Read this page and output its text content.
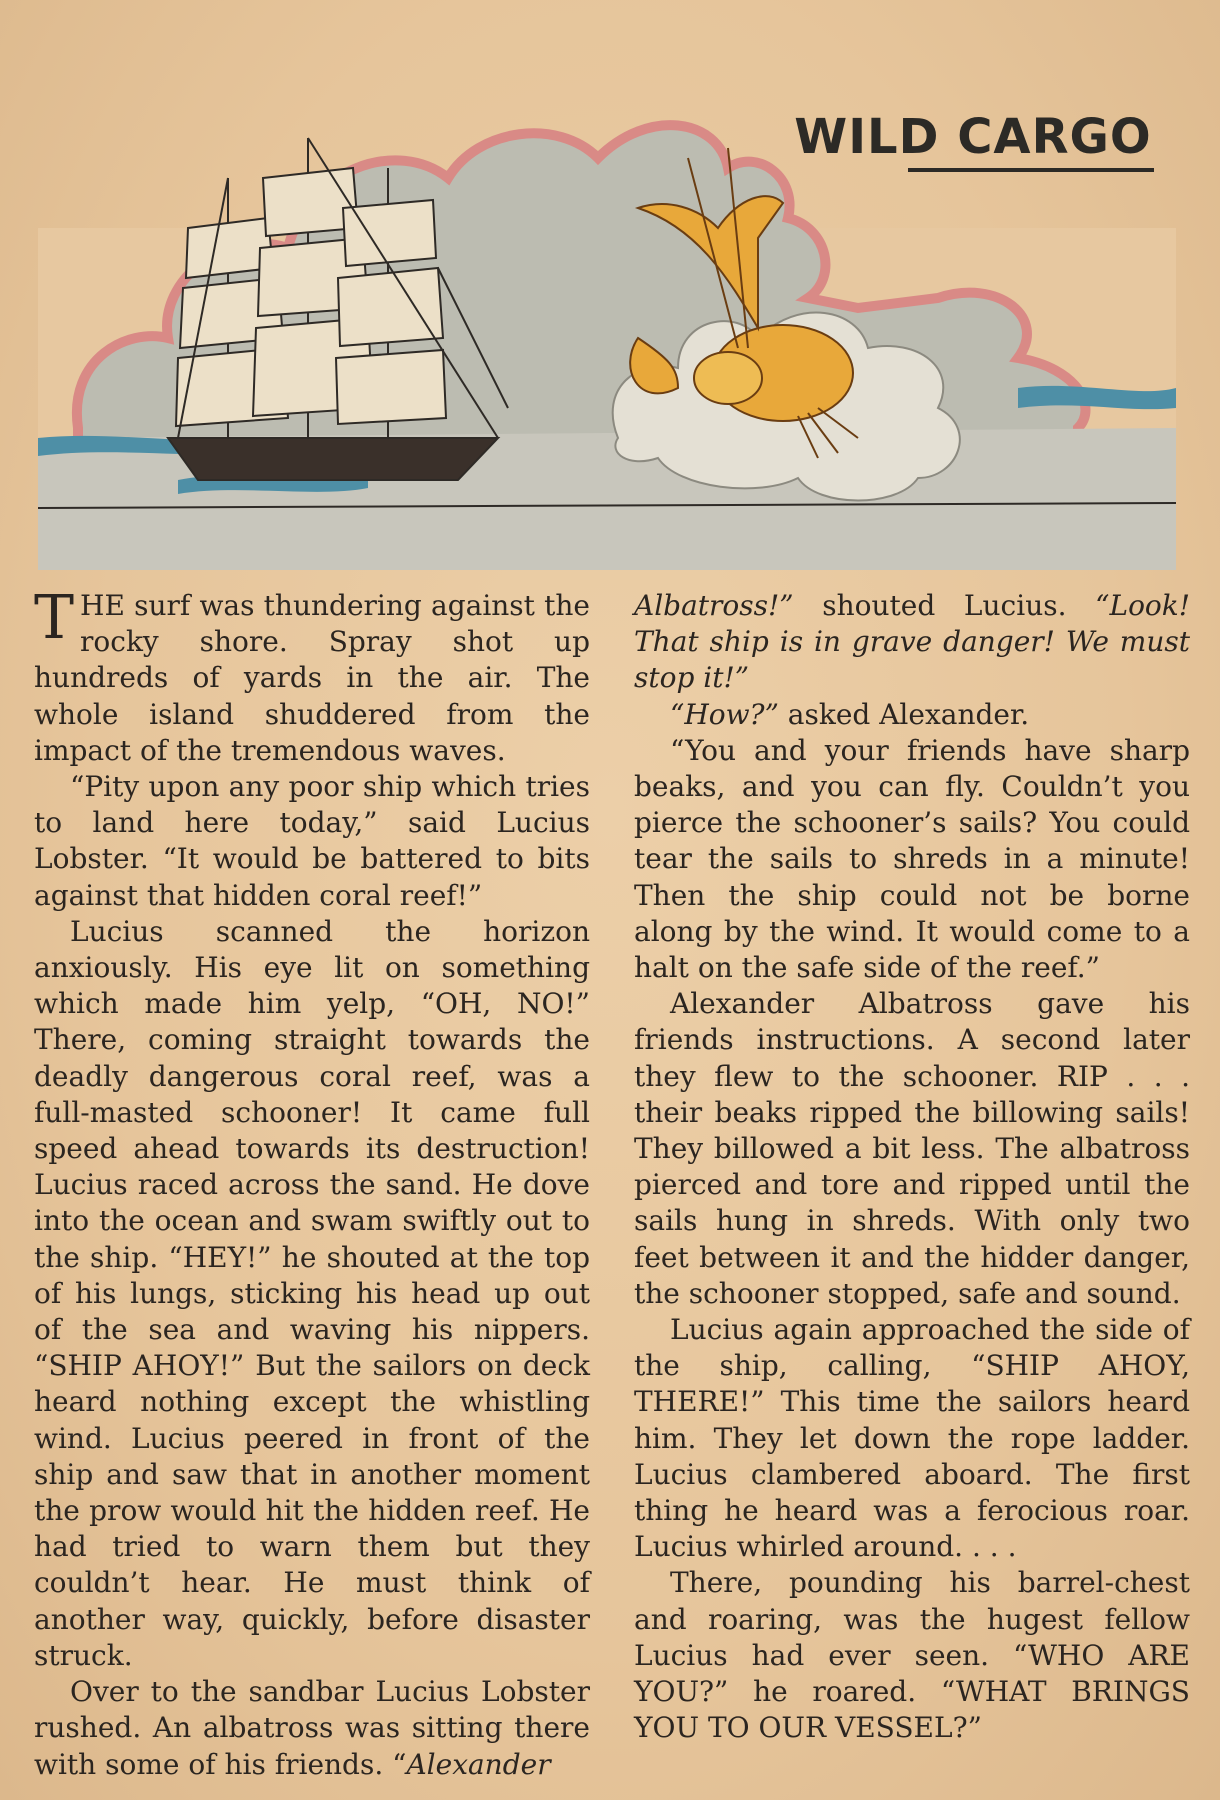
WILD CARGO

THE surf was thundering against the rocky shore. Spray shot up hundreds of yards in the air. The whole island shuddered from the impact of the tremendous waves.

“Pity upon any poor ship which tries to land here today,” said Lucius Lobster. “It would be battered to bits against that hidden coral reef!”

Lucius scanned the horizon anxiously. His eye lit on something which made him yelp, “OH, NO!” There, coming straight towards the deadly dangerous coral reef, was a full-masted schooner! It came full speed ahead towards its destruction! Lucius raced across the sand. He dove into the ocean and swam swiftly out to the ship. “HEY!” he shouted at the top of his lungs, sticking his head up out of the sea and waving his nippers. “SHIP AHOY!” But the sailors on deck heard nothing except the whistling wind. Lucius peered in front of the ship and saw that in another moment the prow would hit the hidden reef. He had tried to warn them but they couldn’t hear. He must think of another way, quickly, before disaster struck.

Over to the sandbar Lucius Lobster rushed. An albatross was sitting there with some of his friends. “Alexander

Albatross!” shouted Lucius. “Look! That ship is in grave danger! We must stop it!”

“How?” asked Alexander.

“You and your friends have sharp beaks, and you can fly. Couldn’t you pierce the schooner’s sails? You could tear the sails to shreds in a minute! Then the ship could not be borne along by the wind. It would come to a halt on the safe side of the reef.”

Alexander Albatross gave his friends instructions. A second later they flew to the schooner. RIP . . . their beaks ripped the billowing sails! They billowed a bit less. The albatross pierced and tore and ripped until the sails hung in shreds. With only two feet between it and the hidder danger, the schooner stopped, safe and sound.

Lucius again approached the side of the ship, calling, “SHIP AHOY, THERE!” This time the sailors heard him. They let down the rope ladder. Lucius clambered aboard. The first thing he heard was a ferocious roar. Lucius whirled around. . . .

There, pounding his barrel-chest and roaring, was the hugest fellow Lucius had ever seen. “WHO ARE YOU?” he roared. “WHAT BRINGS YOU TO OUR VESSEL?”
